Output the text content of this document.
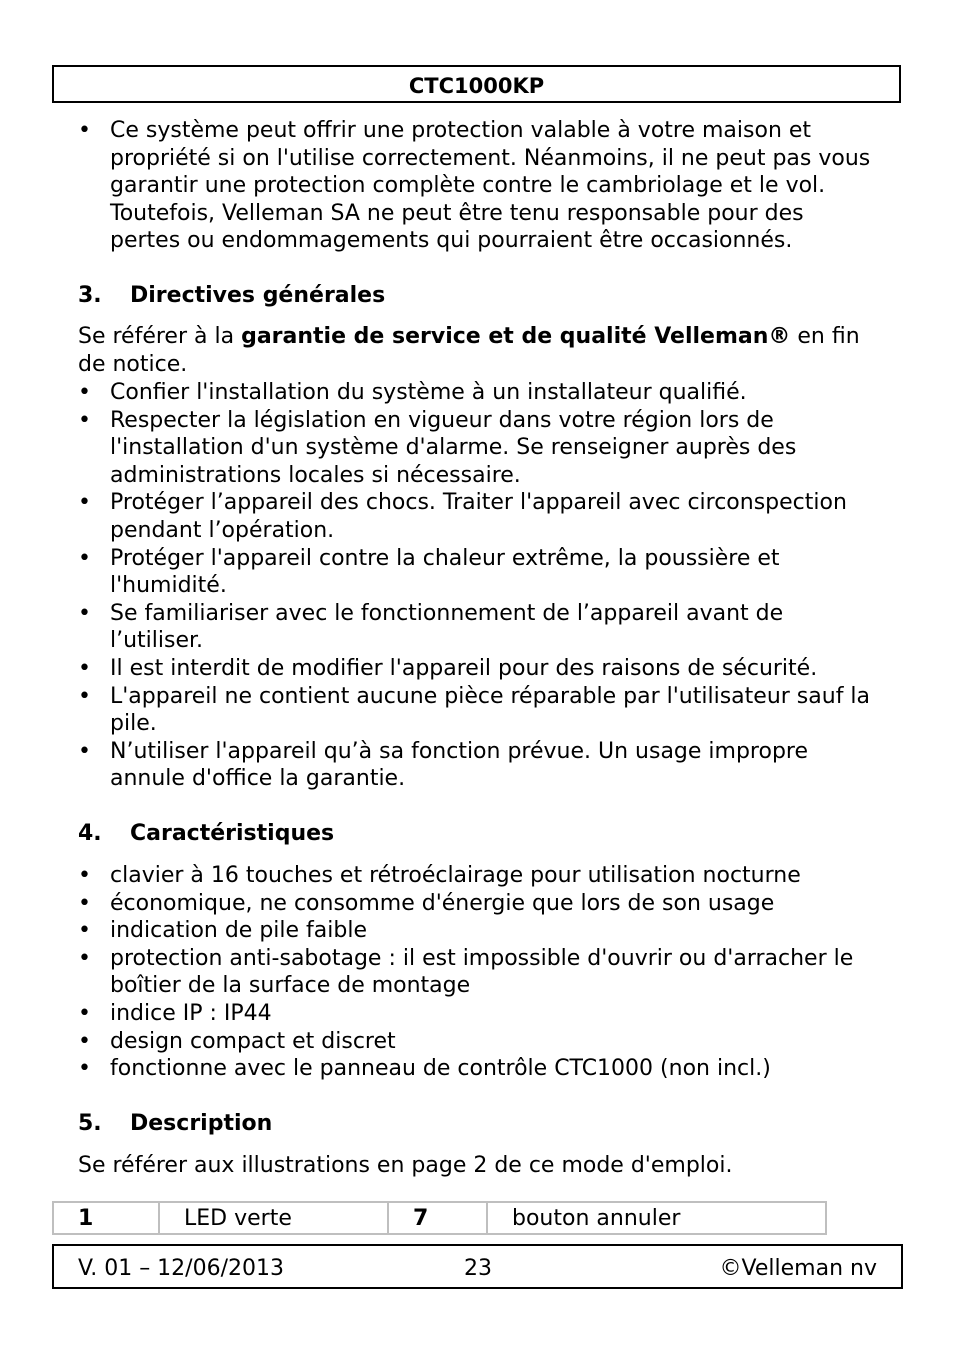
CTC1000KP
• Ce système peut offrir une protection valable à votre maison et propriété si on l'utilise correctement. Néanmoins, il ne peut pas vous garantir une protection complète contre le cambriolage et le vol. Toutefois, Velleman SA ne peut être tenu responsable pour des pertes ou endommagements qui pourraient être occasionnés.
3. Directives générales
Se référer à la garantie de service et de qualité Velleman® en fin de notice.
• Confier l'installation du système à un installateur qualifié.
• Respecter la législation en vigueur dans votre région lors de l'installation d'un système d'alarme. Se renseigner auprès des administrations locales si nécessaire.
• Protéger l’appareil des chocs. Traiter l'appareil avec circonspection pendant l’opération.
• Protéger l'appareil contre la chaleur extrême, la poussière et l'humidité.
• Se familiariser avec le fonctionnement de l’appareil avant de l’utiliser.
• Il est interdit de modifier l'appareil pour des raisons de sécurité.
• L'appareil ne contient aucune pièce réparable par l'utilisateur sauf la pile.
• N’utiliser l'appareil qu’à sa fonction prévue. Un usage impropre annule d'office la garantie.
4. Caractéristiques
• clavier à 16 touches et rétroéclairage pour utilisation nocturne
• économique, ne consomme d'énergie que lors de son usage
• indication de pile faible
• protection anti-sabotage : il est impossible d'ouvrir ou d'arracher le boîtier de la surface de montage
• indice IP : IP44
• design compact et discret
• fonctionne avec le panneau de contrôle CTC1000 (non incl.)
5. Description
Se référer aux illustrations en page 2 de ce mode d'emploi.
1	LED verte	7	bouton annuler
V. 01 – 12/06/2013	23	©Velleman nv
